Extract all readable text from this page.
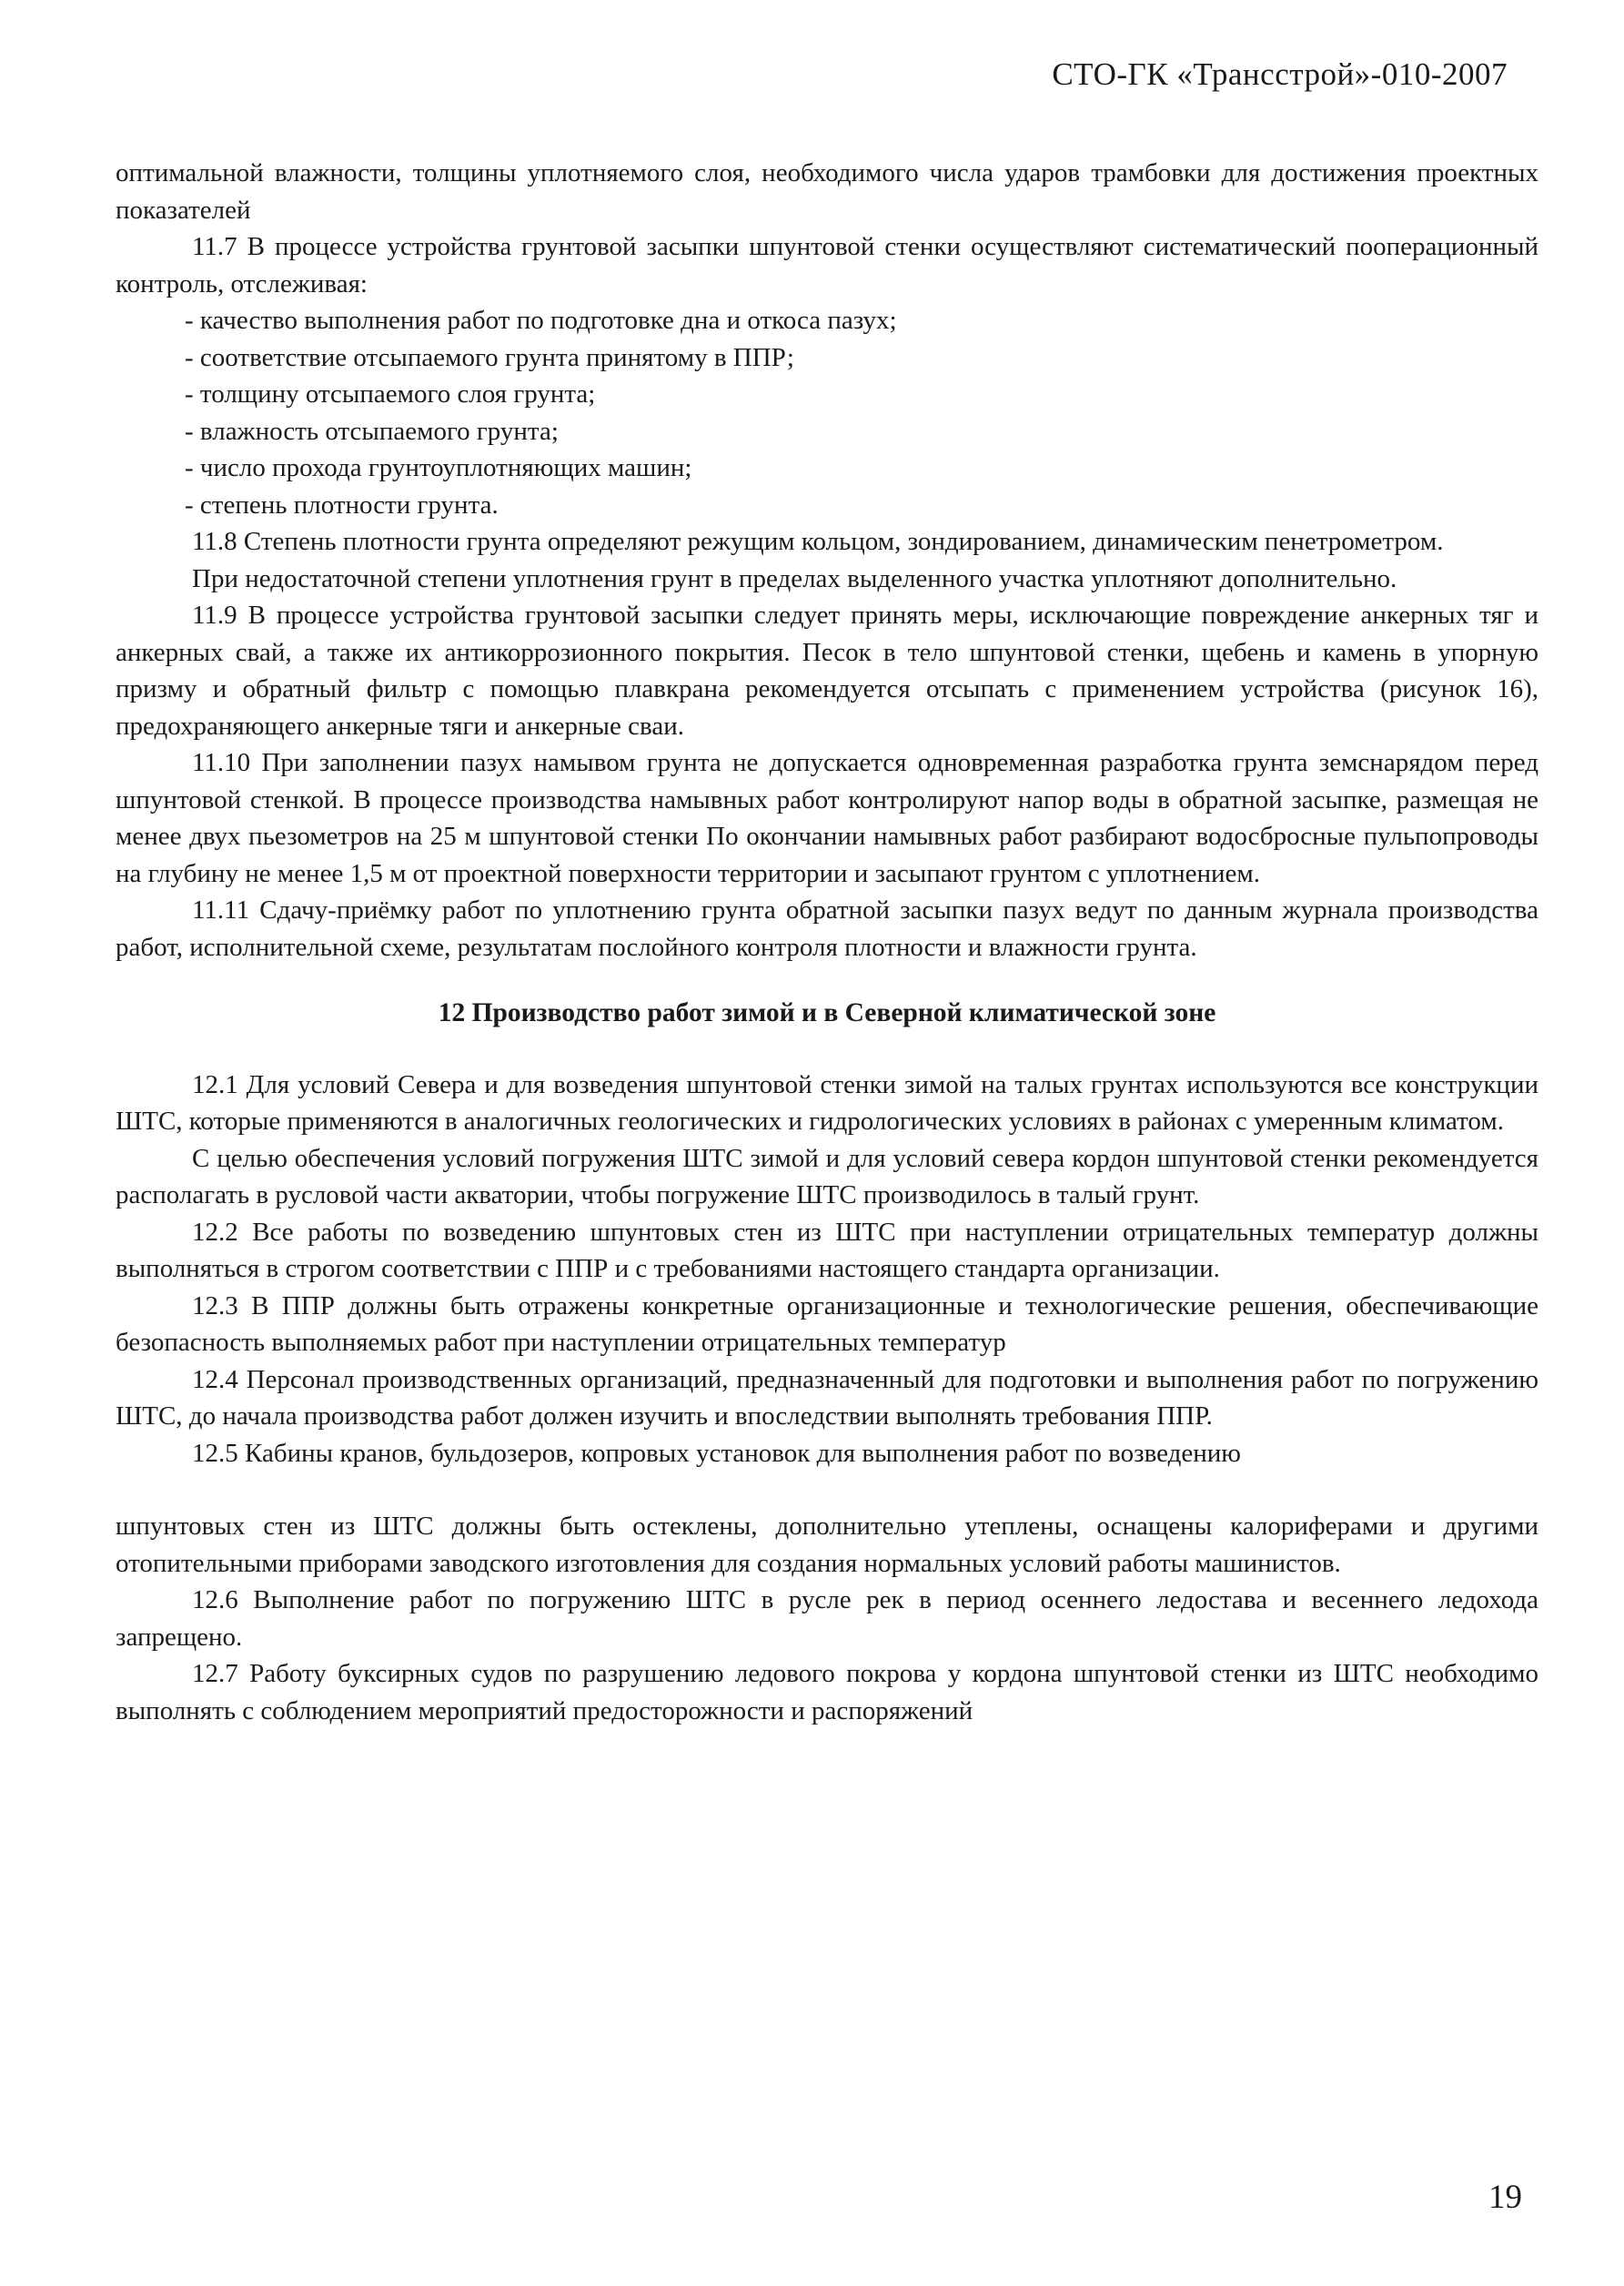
СТО-ГК «Трансстрой»-010-2007

оптимальной влажности, толщины уплотняемого слоя, необходимого числа ударов трамбовки для достижения проектных показателей

11.7 В процессе устройства грунтовой засыпки шпунтовой стенки осуществляют систематический пооперационный контроль, отслеживая:

- качество выполнения работ по подготовке дна и откоса пазух;

- соответствие отсыпаемого грунта принятому в ППР;

- толщину отсыпаемого слоя грунта;

- влажность отсыпаемого грунта;

- число прохода грунтоуплотняющих машин;

- степень плотности грунта.

11.8 Степень плотности грунта определяют режущим кольцом, зондированием, динамическим пенетрометром.

При недостаточной степени уплотнения грунт в пределах выделенного участка уплотняют дополнительно.

11.9 В процессе устройства грунтовой засыпки следует принять меры, исключающие повреждение анкерных тяг и анкерных свай, а также их антикоррозионного покрытия. Песок в тело шпунтовой стенки, щебень и камень в упорную призму и обратный фильтр с помощью плавкрана рекомендуется отсыпать с применением устройства (рисунок 16), предохраняющего анкерные тяги и анкерные сваи.

11.10 При заполнении пазух намывом грунта не допускается одновременная разработка грунта земснарядом перед шпунтовой стенкой. В процессе производства намывных работ контролируют напор воды в обратной засыпке, размещая не менее двух пьезометров на 25 м шпунтовой стенки По окончании намывных работ разбирают водосбросные пульпопроводы на глубину не менее 1,5 м от проектной поверхности территории и засыпают грунтом с уплотнением.

11.11 Сдачу-приёмку работ по уплотнению грунта обратной засыпки пазух ведут по данным журнала производства работ, исполнительной схеме, результатам послойного контроля плотности и влажности грунта.

12 Производство работ зимой и в Северной климатической зоне

12.1 Для условий Севера и для возведения шпунтовой стенки зимой на талых грунтах используются все конструкции ШТС, которые применяются в аналогичных геологических и гидрологических условиях в районах с умеренным климатом.

С целью обеспечения условий погружения ШТС зимой и для условий севера кордон шпунтовой стенки рекомендуется располагать в русловой части акватории, чтобы погружение ШТС производилось в талый грунт.

12.2 Все работы по возведению шпунтовых стен из ШТС при наступлении отрицательных температур должны выполняться в строгом соответствии с ППР и с требованиями настоящего стандарта организации.

12.3 В ППР должны быть отражены конкретные организационные и технологические решения, обеспечивающие безопасность выполняемых работ при наступлении отрицательных температур

12.4 Персонал производственных организаций, предназначенный для подготовки и выполнения работ по погружению ШТС, до начала производства работ должен изучить и впоследствии выполнять требования ППР.

12.5 Кабины кранов, бульдозеров, копровых установок для выполнения работ по возведению

шпунтовых стен из ШТС должны быть остеклены, дополнительно утеплены, оснащены калориферами и другими отопительными приборами заводского изготовления для создания нормальных условий работы машинистов.

12.6 Выполнение работ по погружению ШТС в русле рек в период осеннего ледостава и весеннего ледохода запрещено.

12.7 Работу буксирных судов по разрушению ледового покрова у кордона шпунтовой стенки из ШТС необходимо выполнять с соблюдением мероприятий предосторожности и распоряжений

19
